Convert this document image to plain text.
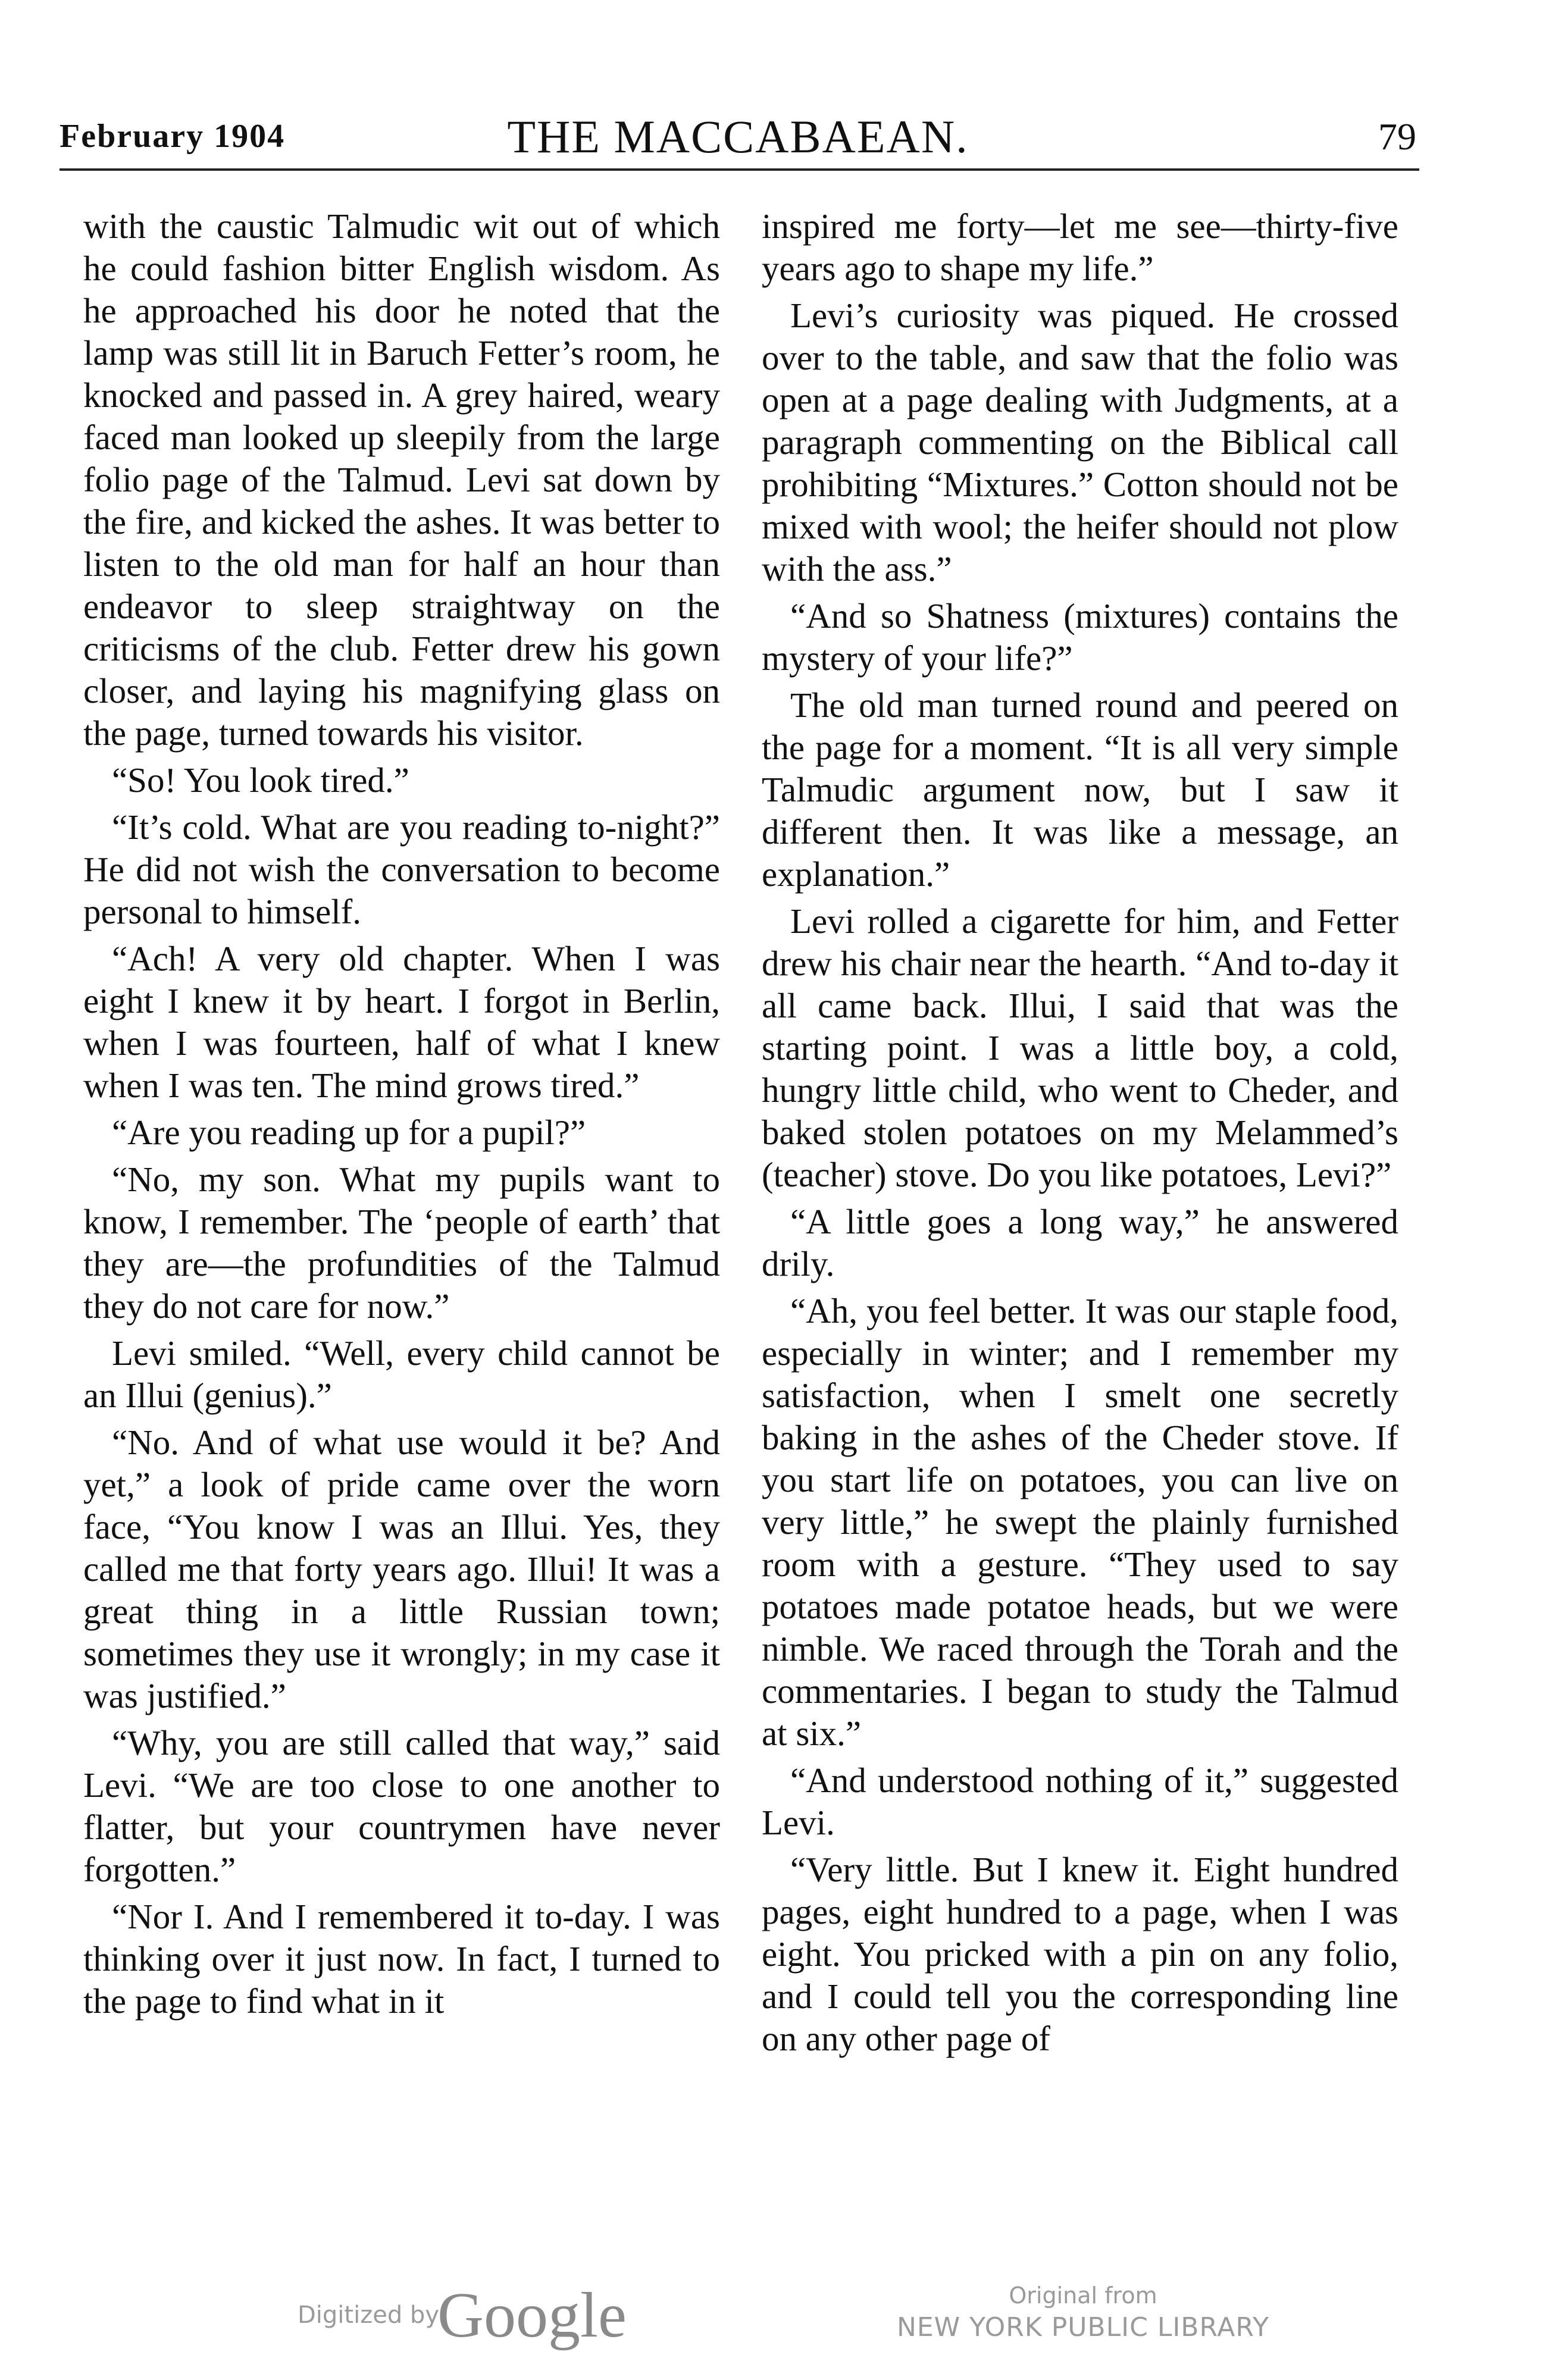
February 1904	THE MACCABAEAN.	79

with the caustic Talmudic wit out of which he could fashion bitter English wisdom. As he approached his door he noted that the lamp was still lit in Baruch Fetter’s room, he knocked and passed in. A grey haired, weary faced man looked up sleepily from the large folio page of the Talmud. Levi sat down by the fire, and kicked the ashes. It was better to listen to the old man for half an hour than endeavor to sleep straightway on the criticisms of the club. Fetter drew his gown closer, and laying his magnifying glass on the page, turned towards his visitor.

“So! You look tired.”

“It’s cold. What are you reading to-night?” He did not wish the conversation to become personal to himself.

“Ach! A very old chapter. When I was eight I knew it by heart. I forgot in Berlin, when I was fourteen, half of what I knew when I was ten. The mind grows tired.”

“Are you reading up for a pupil?”

“No, my son. What my pupils want to know, I remember. The ‘people of earth’ that they are—the profundities of the Talmud they do not care for now.”

Levi smiled. “Well, every child cannot be an Illui (genius).”

“No. And of what use would it be? And yet,” a look of pride came over the worn face, “You know I was an Illui. Yes, they called me that forty years ago. Illui! It was a great thing in a little Russian town; sometimes they use it wrongly; in my case it was justified.”

“Why, you are still called that way,” said Levi. “We are too close to one another to flatter, but your countrymen have never forgotten.”

“Nor I. And I remembered it to-day. I was thinking over it just now. In fact, I turned to the page to find what in it

inspired me forty—let me see—thirty-five years ago to shape my life.”

Levi’s curiosity was piqued. He crossed over to the table, and saw that the folio was open at a page dealing with Judgments, at a paragraph commenting on the Biblical call prohibiting “Mixtures.” Cotton should not be mixed with wool; the heifer should not plow with the ass.”

“And so Shatness (mixtures) contains the mystery of your life?”

The old man turned round and peered on the page for a moment. “It is all very simple Talmudic argument now, but I saw it different then. It was like a message, an explanation.”

Levi rolled a cigarette for him, and Fetter drew his chair near the hearth. “And to-day it all came back. Illui, I said that was the starting point. I was a little boy, a cold, hungry little child, who went to Cheder, and baked stolen potatoes on my Melammed’s (teacher) stove. Do you like potatoes, Levi?”

“A little goes a long way,” he answered drily.

“Ah, you feel better. It was our staple food, especially in winter; and I remember my satisfaction, when I smelt one secretly baking in the ashes of the Cheder stove. If you start life on potatoes, you can live on very little,” he swept the plainly furnished room with a gesture. “They used to say potatoes made potatoe heads, but we were nimble. We raced through the Torah and the commentaries. I began to study the Talmud at six.”

“And understood nothing of it,” suggested Levi.

“Very little. But I knew it. Eight hundred pages, eight hundred to a page, when I was eight. You pricked with a pin on any folio, and I could tell you the corresponding line on any other page of

Digitized by
Google	Original from
NEW YORK PUBLIC LIBRARY
